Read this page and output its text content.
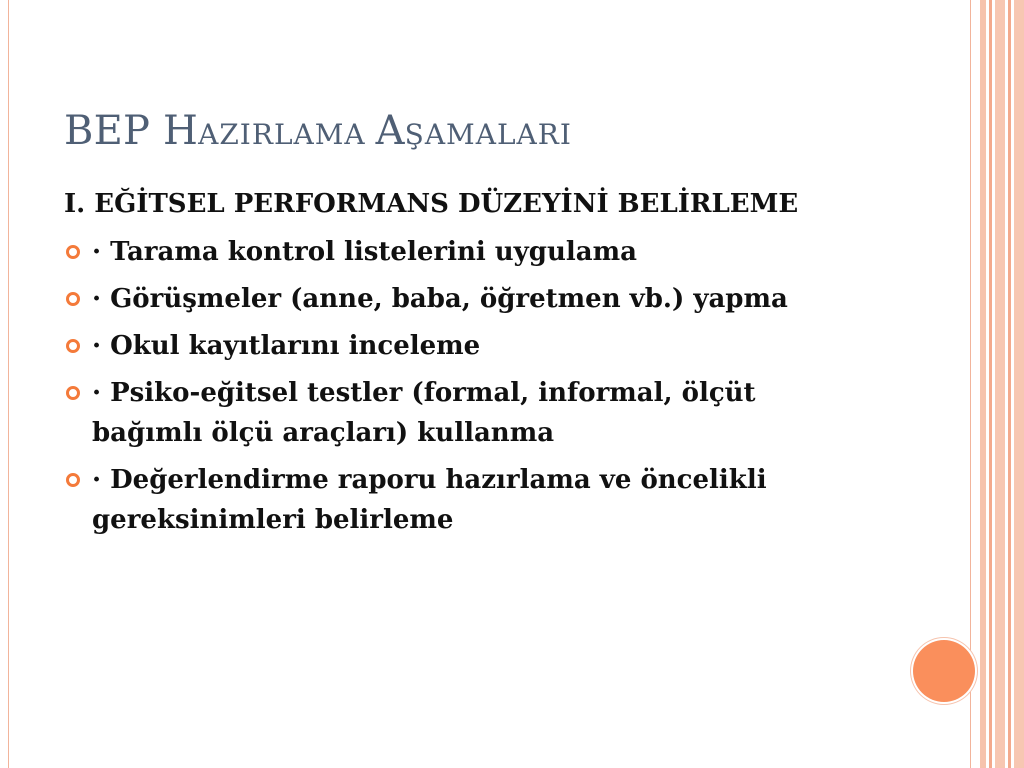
BEP HAZIRLAMA AŞAMALARI

I. EĞİTSEL PERFORMANS DÜZEYİNİ BELİRLEME

· Tarama kontrol listelerini uygulama
· Görüşmeler (anne, baba, öğretmen vb.) yapma
· Okul kayıtlarını inceleme
· Psiko-eğitsel testler (formal, informal, ölçüt bağımlı ölçü araçları) kullanma
· Değerlendirme raporu hazırlama ve öncelikli gereksinimleri belirleme
